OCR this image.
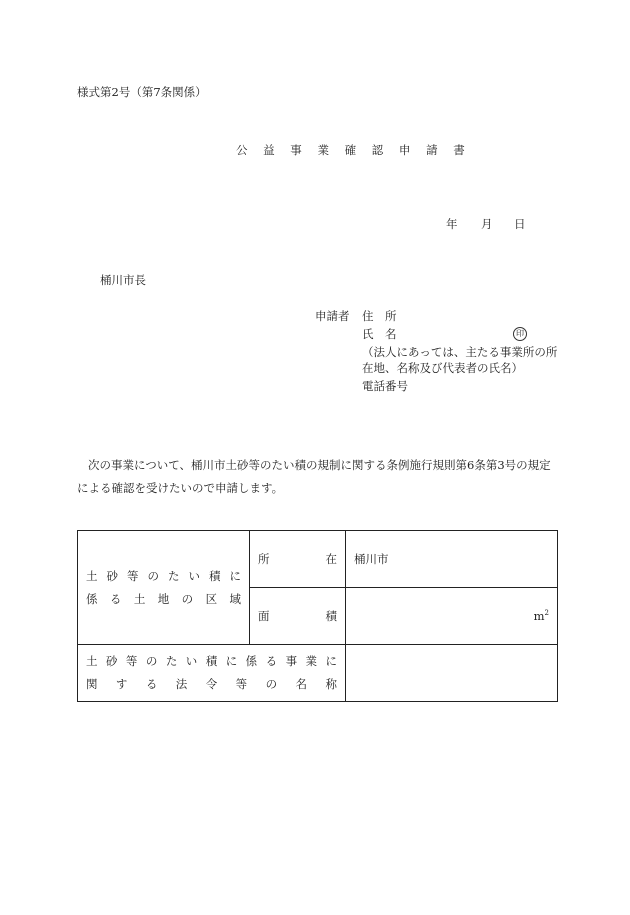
様式第2号（第7条関係）
公 益 事 業 確 認 申 請 書
年 月 日
桶川市長
申請者 住　所
氏　名	印
（法人にあっては、主たる事業所の所
在地、名称及び代表者の氏名）
電話番号
次の事業について、桶川市土砂等のたい積の規制に関する条例施行規則第6条第3号の規定による確認を受けたいので申請します。
土砂等のたい積に
係る土地の区域	所　　　　在	桶川市

	面　　　　積	$m^2$

土砂等のたい積に係る事業に
関する法令等の名称		
